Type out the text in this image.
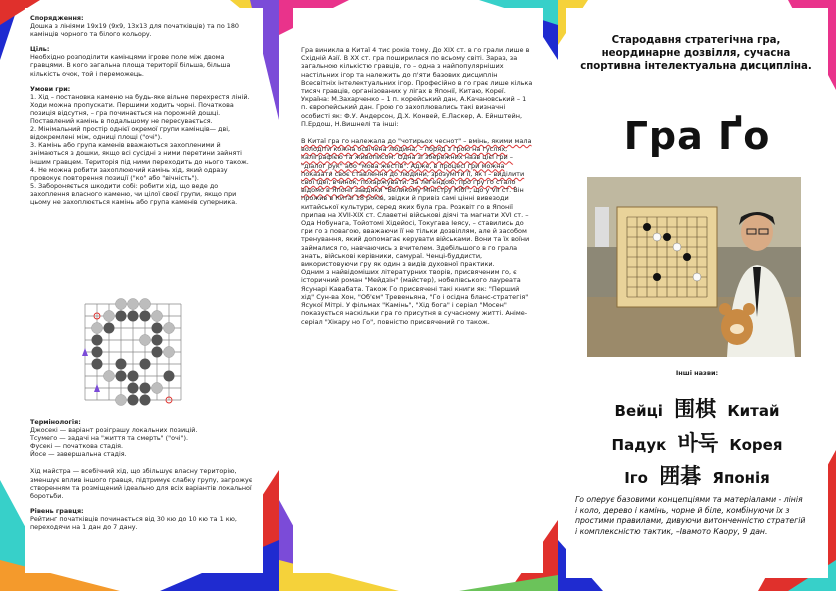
Спорядження:

Дошка з лініями 19х19 (9х9, 13х13 для початківців) та по 180 камінців чорного та білого кольору.

Ціль:

Необхідно розподілити камінцями ігрове поле між двома гравцями. В кого загальна площа території більша, більша кількість очок, той і переможець.

Умови гри:
1. Хід – постановка каменю на будь-яке вільне перехрестя ліній. Ходи можна пропускати. Першими ходить чорні. Початкова позиція відсутня, – гра починається на порожній дошці. Поставлений камінь в подальшому не пересувається.
2. Мінімальний простір однієї окремої групи камінців— дві, відокремлені між, одниці площі ("очі").
3. Камінь або група каменів вважаються захопленими й знімаються з дошки, якщо всі сусідні з ними перетини зайняті іншим гравцем. Територія під ними переходить до нього також.
4. Не можна робити захоплюючий камінь хід, який одразу провокує повторення позиції ("ко" або "вічність").
5. Забороняється шкодити собі: робити хід, що веде до захоплення власного каменю, чи цілої своєї групи, якщо при цьому не захоплюється камінь або група каменів суперника.
Термінологія:
Джосекі — варіант розіграшу локальних позицій.
Тсумего — задачі на "життя та смерть" ("очі").
Фусекі — початкова стадія.
Йосе — завершальна стадія.

Хід майстра — всебічний хід, що збільшує власну територію, зменшує вплив іншого гравця, підтримує слабку групу, загрожує створенням та розміщений ідеально для всіх варіантів локальної боротьби.

Рівень гравця:

Рейтинг початківців починається від 30 кю до 10 кю та 1 кю, переходячи на 1 дан до 7 дану.

Гра виникла в Китаї 4 тис років тому. До XIX ст. в го грали лише в Східній Азії. В XX ст. гра поширилася по всьому світі. Зараз, за загальною кількістю гравців, го – одна з найпопулярніших настільних ігор та належить до п'яти базових дисциплін Всесвітніх інтелектуальних ігор. Професійно в го грає лише кілька тисяч гравців, організованих у лігах в Японії, Китаю, Кореї. Україна: М.Захарченко – 1 п. корейський дан, А.Качановський – 1 п. європейський дан. Грою го захоплювались такі визначні особисті як: Ф.У. Андерсон, Д.Х. Конвей, Е.Ласкер, А. Ейнштейн, П.Ердош, Н.Вишнелі та інші:

В Китаї гра го належала до "чотирьох чеснот" – вмінь, якими мала володіти кожна освічена людина, – поряд з грою на гуслях, каліграфією та живописом. Одна зі збережних назв цієї гри – "діалог рук" або "мова жестів". Адже, в процесі гри можна показати своє ставлення до людини, зрозуміти її, як і – виділити свої ідеї, вчинок, похаржувати. За легендою, про гру го стало відомо в Японії завдяки "Великому Міністру Кібі", що у VII ст. Він прожив в Китаї 18 років, звідки й привіз самі цінні вивезоди китайської культури, серед яких була гра. Розквіт го в Японії припав на XVII-XIX ст. Славетні військові діячі та магнати XVI ст. – Ода Нобунага, Тойотомі Хідейосі, Токугава Іеясу, – ставились до гри го з повагою, вважаючи її не тільки дозвіллям, але й засобом тренування, який допомагає керувати військами. Вони та їх воїни займалися го, навчаючись з вчителем. Здебільшого в го грала знать, військові керівники, самураї. Ченці-буддисти, використовуючи гру як один з видів духовної практики.

Одним з найвідоміших літературних творів, присвяченим го, є історичний роман "Мейдзін" (майстер), нобелівського лауреата Ясунарі Кавабата. Також Го присвячені такі книги як: "Перший хід" Сун-ва Хон, "Об'єм" Тревеньяна, "Го і осідна бланс-стратегія" Ясукої Мітрі. У фільмах "Камінь", "Хід бога" і серіал "Мосен" показується наскільки гра го присутня в сучасному житті. Аніме-серіал "Хікару но Го", повністю присвячений го також.

Стародавня стратегічна гра, неординарне дозвілля, сучасна спортивна інтелектуальна дисципліна.
Гра Ґо
Інші назви:
Вейці 围棋 Китай
Падук 바둑 Корея
Іго 囲碁 Японія
Го оперує базовими концепціями та матеріалами - лінія і коло, дерево і камінь, чорне й біле, комбінуючи їх з простими правилами, дивуючи витонченністю стратегій і комплексністю тактик, –Івамото Каору, 9 дан.
